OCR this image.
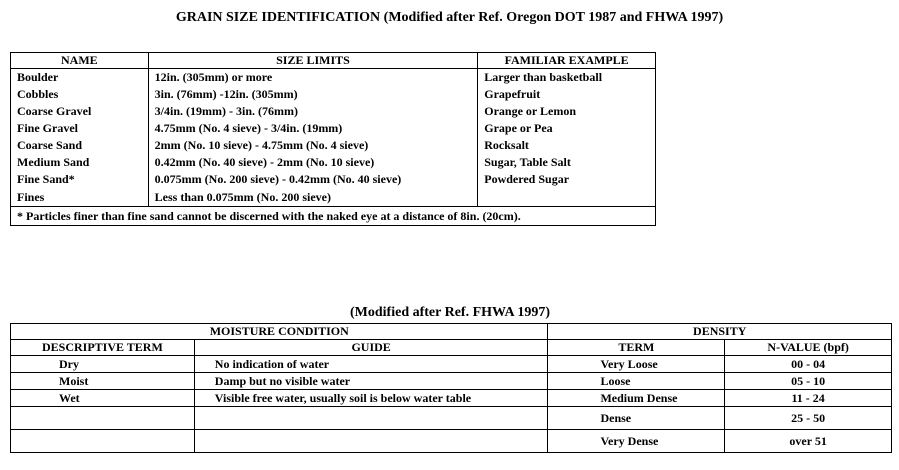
GRAIN SIZE IDENTIFICATION (Modified after Ref. Oregon DOT 1987 and FHWA 1997)
NAME	SIZE LIMITS	FAMILIAR EXAMPLE
Boulder	12in. (305mm) or more	Larger than basketball
Cobbles	3in. (76mm) -12in. (305mm)	Grapefruit
Coarse Gravel	3/4in. (19mm) - 3in. (76mm)	Orange or Lemon
Fine Gravel	4.75mm (No. 4 sieve) - 3/4in. (19mm)	Grape or Pea
Coarse Sand	2mm (No. 10 sieve) - 4.75mm (No. 4 sieve)	Rocksalt
Medium Sand	0.42mm (No. 40 sieve) - 2mm (No. 10 sieve)	Sugar, Table Salt
Fine Sand*	0.075mm (No. 200 sieve) - 0.42mm (No. 40 sieve)	Powdered Sugar
Fines	Less than 0.075mm (No. 200 sieve)	
* Particles finer than fine sand cannot be discerned with the naked eye at a distance of 8in. (20cm).		
(Modified after Ref. FHWA 1997)
MOISTURE CONDITION		DENSITY	
DESCRIPTIVE TERM	GUIDE	TERM	N-VALUE (bpf)
Dry	No indication of water	Very Loose	00 - 04
Moist	Damp but no visible water	Loose	05 - 10
Wet	Visible free water, usually soil is below water table	Medium Dense	11 - 24
		Dense	25 - 50
		Very Dense	over 51
